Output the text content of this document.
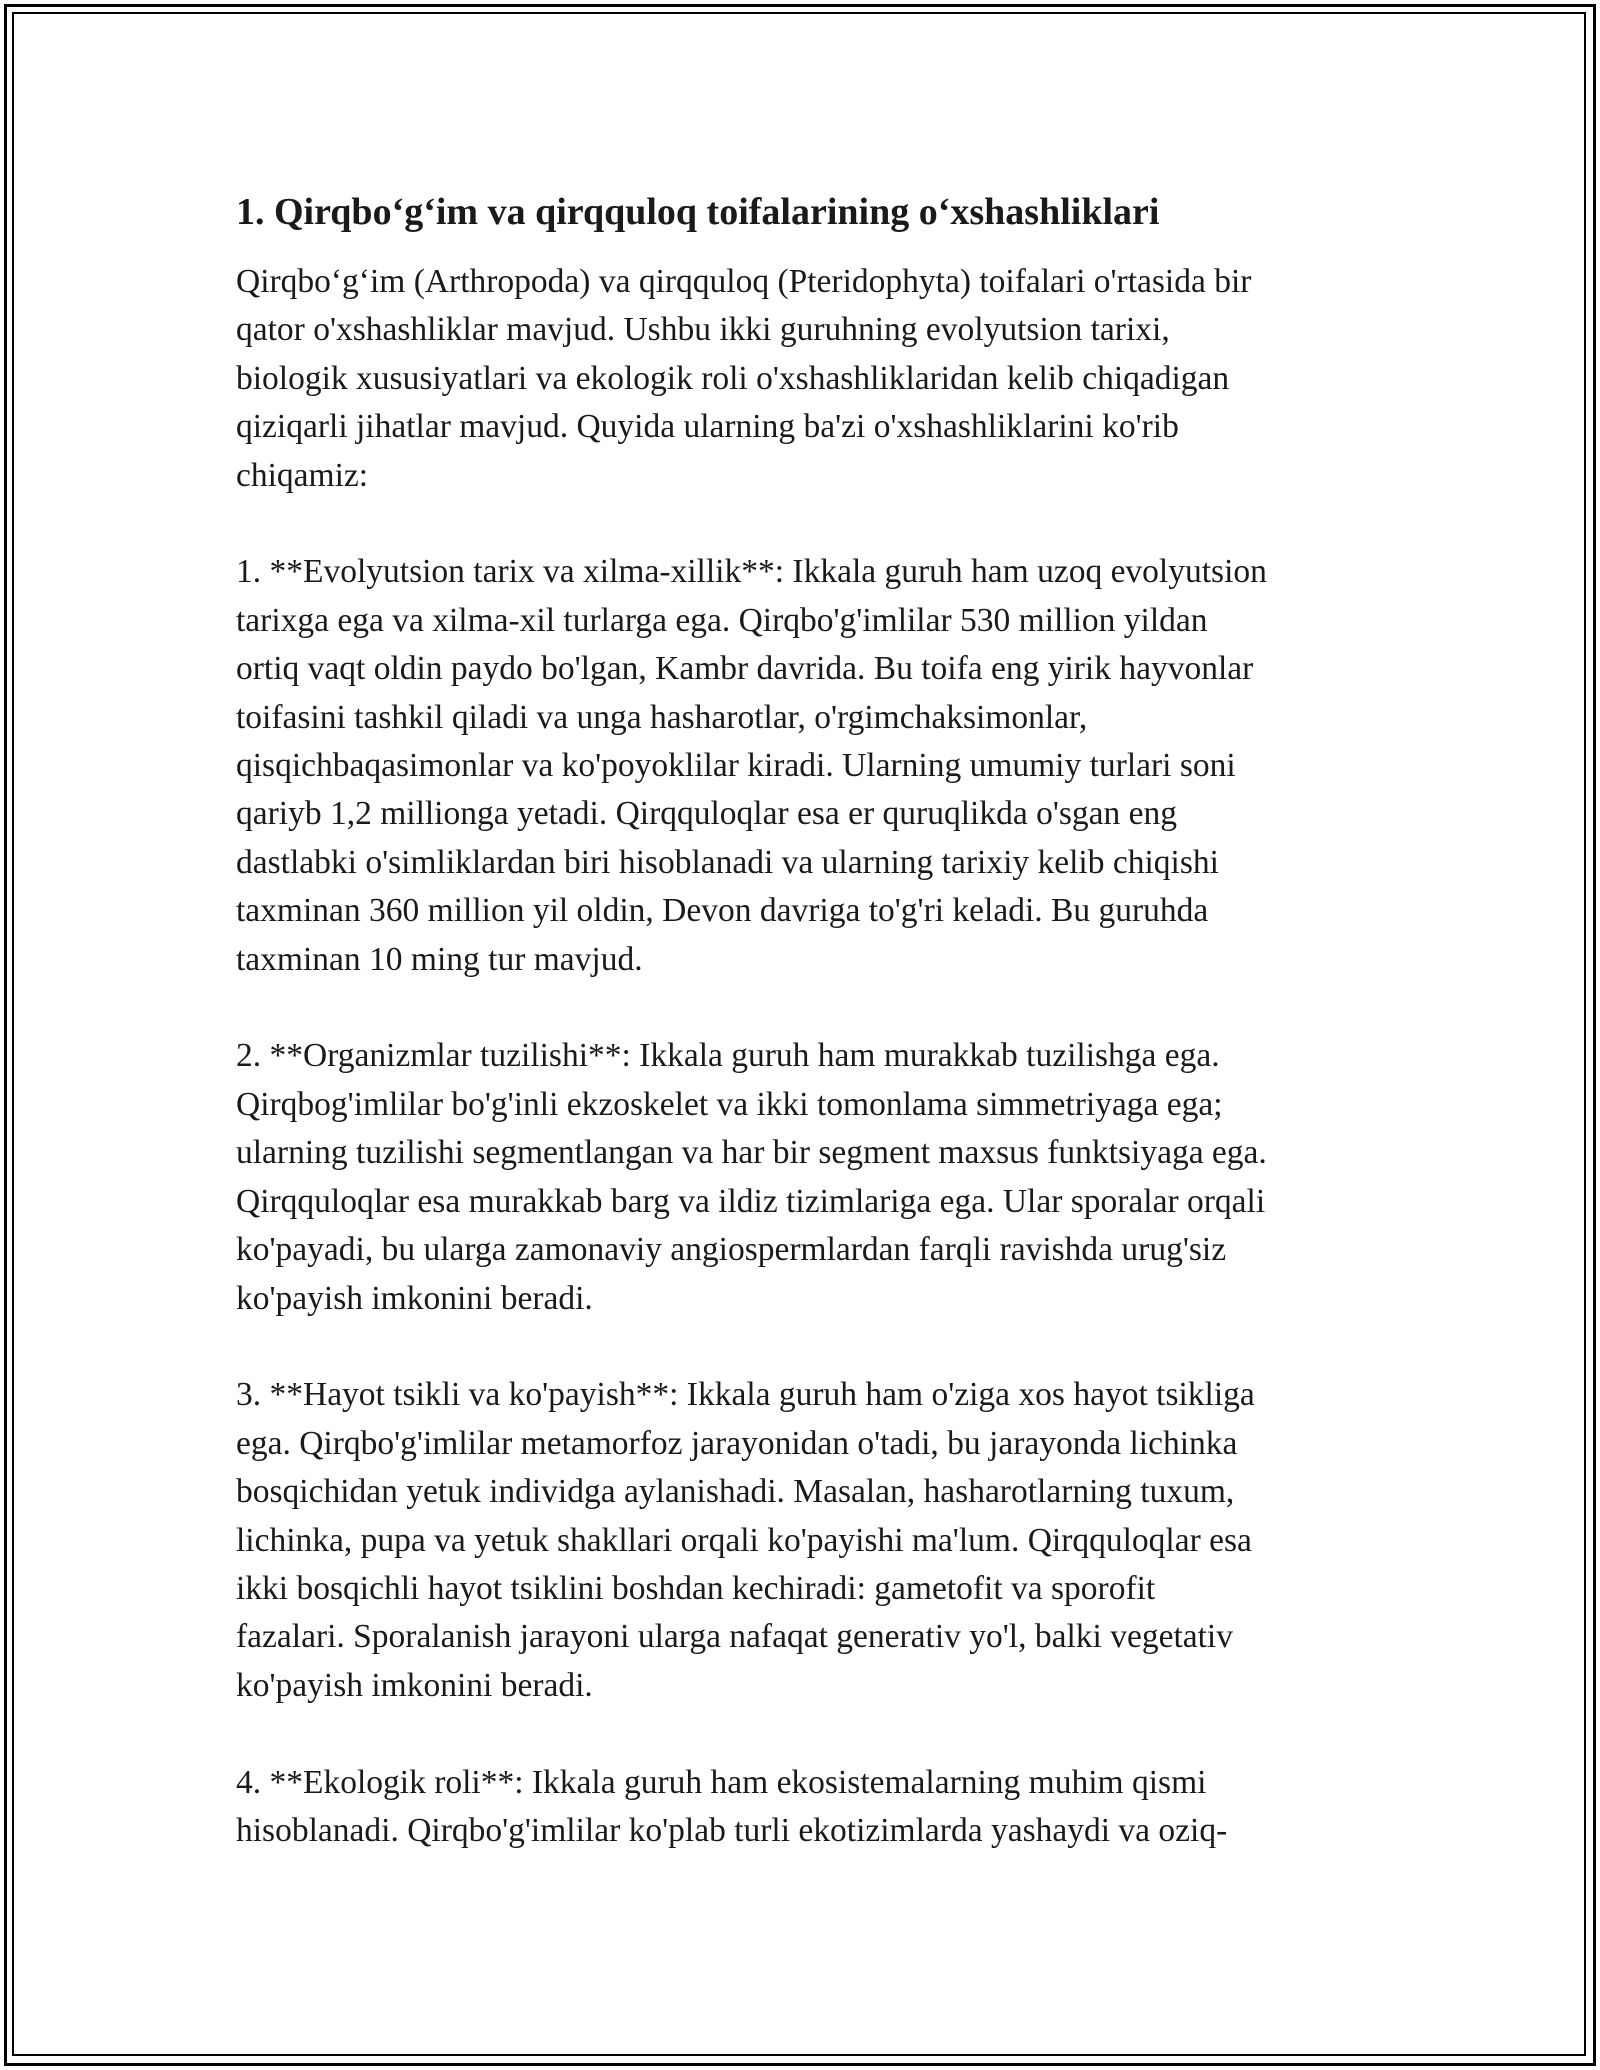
1. Qirqbo‘g‘im va qirqquloq toifalarining o‘xshashliklari

Qirqbo‘g‘im (Arthropoda) va qirqquloq (Pteridophyta) toifalari o'rtasida bir
qator o'xshashliklar mavjud. Ushbu ikki guruhning evolyutsion tarixi,
biologik xususiyatlari va ekologik roli o'xshashliklaridan kelib chiqadigan
qiziqarli jihatlar mavjud. Quyida ularning ba'zi o'xshashliklarini ko'rib
chiqamiz:

1. **Evolyutsion tarix va xilma-xillik**: Ikkala guruh ham uzoq evolyutsion
tarixga ega va xilma-xil turlarga ega. Qirqbo'g'imlilar 530 million yildan
ortiq vaqt oldin paydo bo'lgan, Kambr davrida. Bu toifa eng yirik hayvonlar
toifasini tashkil qiladi va unga hasharotlar, o'rgimchaksimonlar,
qisqichbaqasimonlar va ko'poyoklilar kiradi. Ularning umumiy turlari soni
qariyb 1,2 millionga yetadi. Qirqquloqlar esa er quruqlikda o'sgan eng
dastlabki o'simliklardan biri hisoblanadi va ularning tarixiy kelib chiqishi
taxminan 360 million yil oldin, Devon davriga to'g'ri keladi. Bu guruhda
taxminan 10 ming tur mavjud.

2. **Organizmlar tuzilishi**: Ikkala guruh ham murakkab tuzilishga ega.
Qirqbog'imlilar bo'g'inli ekzoskelet va ikki tomonlama simmetriyaga ega;
ularning tuzilishi segmentlangan va har bir segment maxsus funktsiyaga ega.
Qirqquloqlar esa murakkab barg va ildiz tizimlariga ega. Ular sporalar orqali
ko'payadi, bu ularga zamonaviy angiospermlardan farqli ravishda urug'siz
ko'payish imkonini beradi.

3. **Hayot tsikli va ko'payish**: Ikkala guruh ham o'ziga xos hayot tsikliga
ega. Qirqbo'g'imlilar metamorfoz jarayonidan o'tadi, bu jarayonda lichinka
bosqichidan yetuk individga aylanishadi. Masalan, hasharotlarning tuxum,
lichinka, pupa va yetuk shakllari orqali ko'payishi ma'lum. Qirqquloqlar esa
ikki bosqichli hayot tsiklini boshdan kechiradi: gametofit va sporofit
fazalari. Sporalanish jarayoni ularga nafaqat generativ yo'l, balki vegetativ
ko'payish imkonini beradi.

4. **Ekologik roli**: Ikkala guruh ham ekosistemalarning muhim qismi
hisoblanadi. Qirqbo'g'imlilar ko'plab turli ekotizimlarda yashaydi va oziq-
